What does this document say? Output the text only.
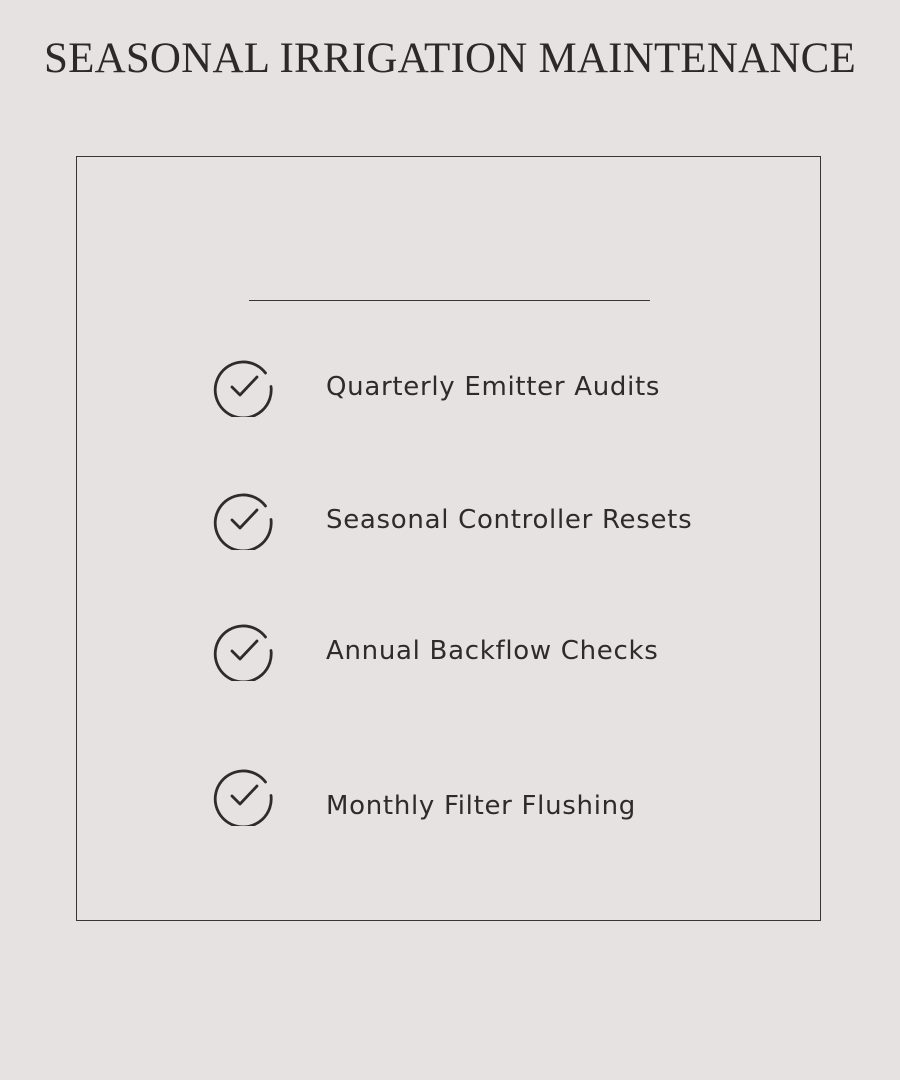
SEASONAL IRRIGATION MAINTENANCE
Quarterly Emitter Audits
Seasonal Controller Resets
Annual Backflow Checks
Monthly Filter Flushing
